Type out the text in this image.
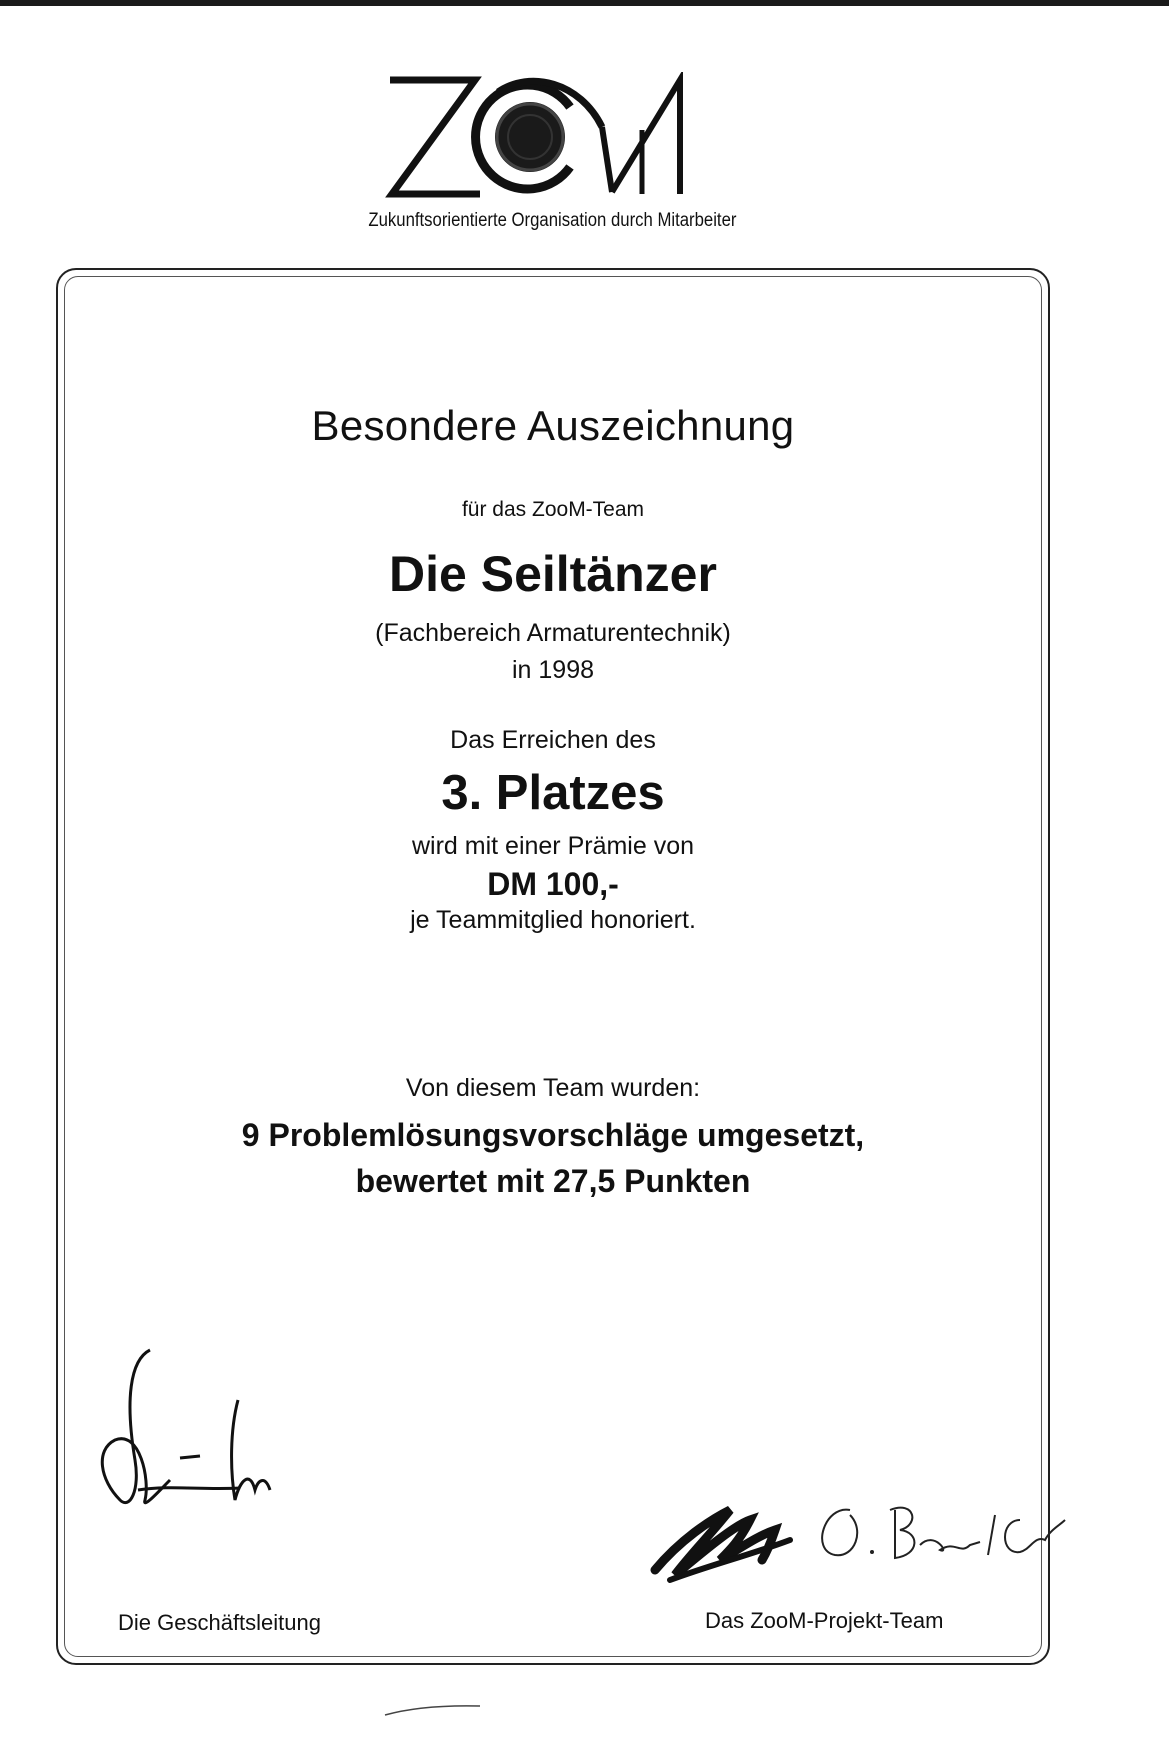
Zukunftsorientierte Organisation durch Mitarbeiter
Besondere Auszeichnung
für das ZooM-Team
Die Seiltänzer
(Fachbereich Armaturentechnik)
in 1998
Das Erreichen des
3. Platzes
wird mit einer Prämie von
DM 100,-
je Teammitglied honoriert.
Von diesem Team wurden:
9 Problemlösungsvorschläge umgesetzt,
bewertet mit 27,5 Punkten
Die Geschäftsleitung	Das ZooM-Projekt-Team
